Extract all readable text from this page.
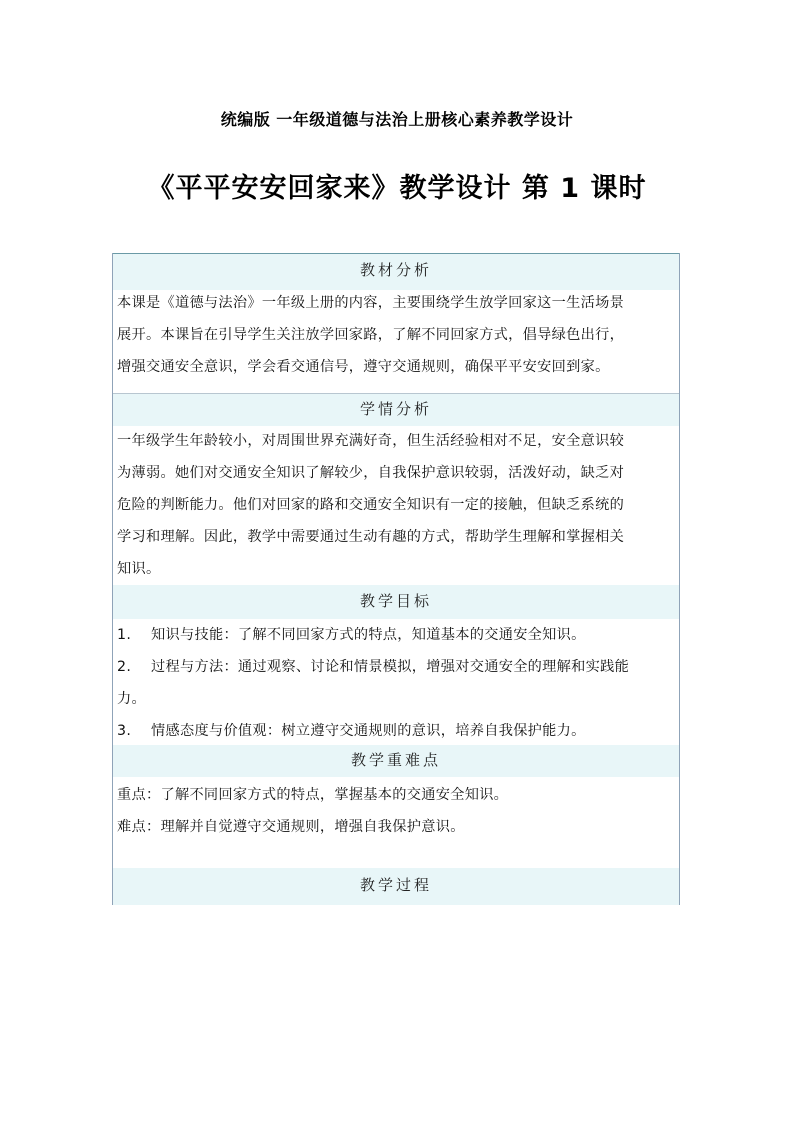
统编版 一年级道德与法治上册核心素养教学设计
《平平安安回家来》教学设计 第 1 课时
教材分析
本课是《道德与法治》一年级上册的内容，主要围绕学生放学回家这一生活场景
展开。本课旨在引导学生关注放学回家路，了解不同回家方式，倡导绿色出行，
增强交通安全意识，学会看交通信号，遵守交通规则，确保平平安安回到家。
学情分析
一年级学生年龄较小，对周围世界充满好奇，但生活经验相对不足，安全意识较
为薄弱。她们对交通安全知识了解较少，自我保护意识较弱，活泼好动，缺乏对
危险的判断能力。他们对回家的路和交通安全知识有一定的接触，但缺乏系统的
学习和理解。因此，教学中需要通过生动有趣的方式，帮助学生理解和掌握相关
知识。
教学目标
1. 知识与技能：了解不同回家方式的特点，知道基本的交通安全知识。
2. 过程与方法：通过观察、讨论和情景模拟，增强对交通安全的理解和实践能
力。
3. 情感态度与价值观：树立遵守交通规则的意识，培养自我保护能力。
教学重难点
重点：了解不同回家方式的特点，掌握基本的交通安全知识。
难点：理解并自觉遵守交通规则，增强自我保护意识。
教学过程
